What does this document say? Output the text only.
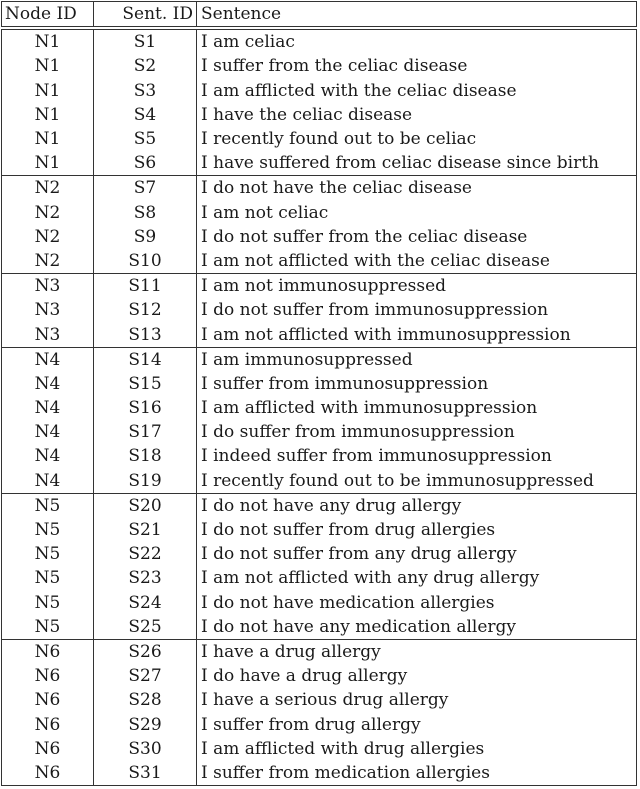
Node ID	Sent. ID	Sentence
N1	S1	I am celiac
N1	S2	I suffer from the celiac disease
N1	S3	I am afflicted with the celiac disease
N1	S4	I have the celiac disease
N1	S5	I recently found out to be celiac
N1	S6	I have suffered from celiac disease since birth
N2	S7	I do not have the celiac disease
N2	S8	I am not celiac
N2	S9	I do not suffer from the celiac disease
N2	S10	I am not afflicted with the celiac disease
N3	S11	I am not immunosuppressed
N3	S12	I do not suffer from immunosuppression
N3	S13	I am not afflicted with immunosuppression
N4	S14	I am immunosuppressed
N4	S15	I suffer from immunosuppression
N4	S16	I am afflicted with immunosuppression
N4	S17	I do suffer from immunosuppression
N4	S18	I indeed suffer from immunosuppression
N4	S19	I recently found out to be immunosuppressed
N5	S20	I do not have any drug allergy
N5	S21	I do not suffer from drug allergies
N5	S22	I do not suffer from any drug allergy
N5	S23	I am not afflicted with any drug allergy
N5	S24	I do not have medication allergies
N5	S25	I do not have any medication allergy
N6	S26	I have a drug allergy
N6	S27	I do have a drug allergy
N6	S28	I have a serious drug allergy
N6	S29	I suffer from drug allergy
N6	S30	I am afflicted with drug allergies
N6	S31	I suffer from medication allergies
